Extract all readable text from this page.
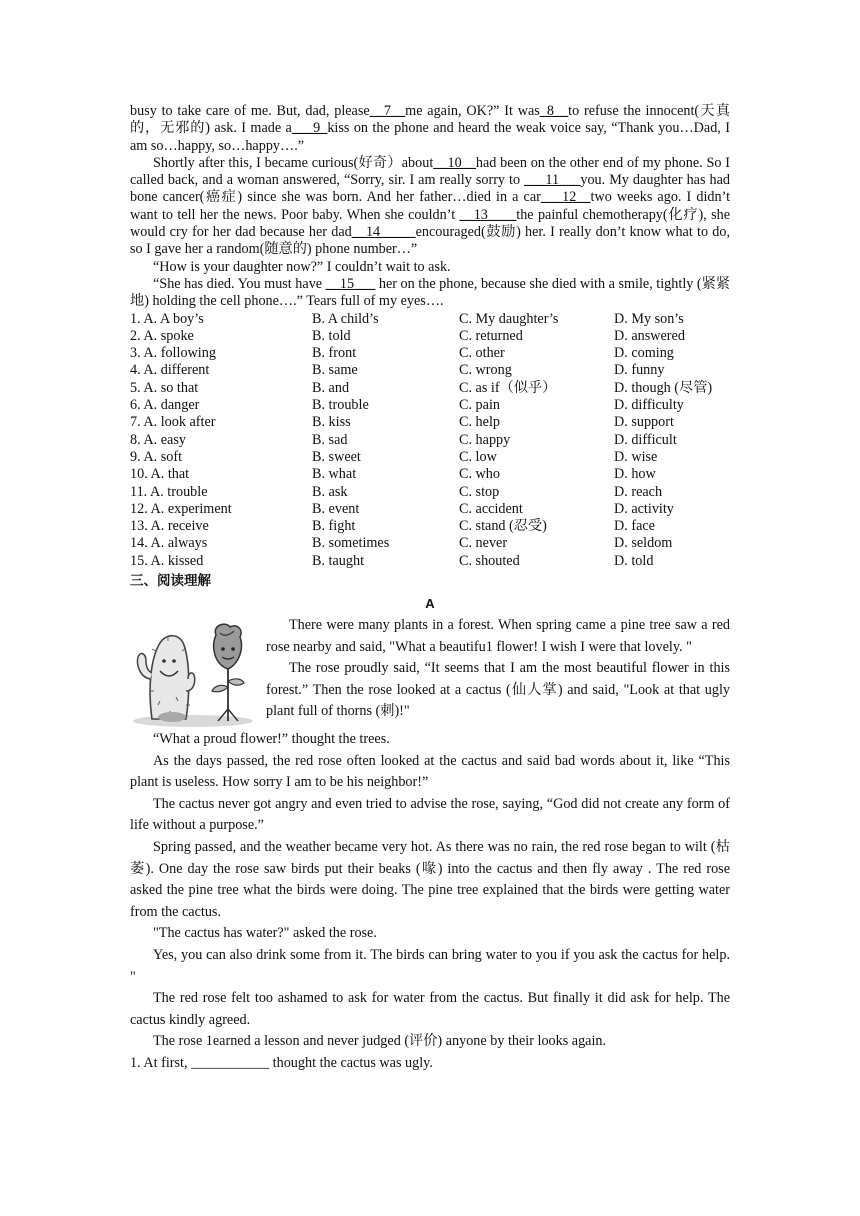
busy to take care of me. But, dad, please__7__me again, OK?” It was_8__to refuse the innocent(天真的，无邪的) ask. I made a___9_kiss on the phone and heard the weak voice say, “Thank you…Dad, I am so…happy, so…happy….”

Shortly after this, I became curious(好奇）about__10__had been on the other end of my phone. So I called back, and a woman answered, “Sorry, sir. I am really sorry to ___11___you. My daughter has had bone cancer(癌症) since she was born. And her father…died in a car___12__two weeks ago. I didn’t want to tell her the news. Poor baby. When she couldn’t __13____the painful chemotherapy(化疗), she would cry for her dad because her dad__14_____encouraged(鼓励) her. I really don’t know what to do, so I gave her a random(随意的) phone number…”

“How is your daughter now?” I couldn’t wait to ask.

“She has died. You must have __15___ her on the phone, because she died with a smile, tightly (紧紧地) holding the cell phone….” Tears full of my eyes….

1. A. A boy’s	B. A child’s	C. My daughter’s	D. My son’s
2. A. spoke	B. told	C. returned	D. answered
3. A. following	B. front	C. other	D. coming
4. A. different	B. same	C. wrong	D. funny
5. A. so that	B. and	C. as if（似乎）	D. though (尽管)
6. A. danger	B. trouble	C. pain	D. difficulty
7. A. look after	B. kiss	C. help	D. support
8. A. easy	B. sad	C. happy	D. difficult
9. A. soft	B. sweet	C. low	D. wise
10. A. that	B. what	C. who	D. how
11. A. trouble	B. ask	C. stop	D. reach
12. A. experiment	B. event	C. accident	D. activity
13. A. receive	B. fight	C. stand (忍受)	D. face
14. A. always	B. sometimes	C. never	D. seldom
15. A. kissed	B. taught	C. shouted	D. told
三、阅读理解
A

There were many plants in a forest. When spring came a pine tree saw a red rose nearby and said, "What a beautifu1 flower! I wish I were that lovely. "

The rose proudly said, “It seems that I am the most beautiful flower in this forest.” Then the rose looked at a cactus (仙人掌) and said, "Look at that ugly plant full of thorns (刺)!"

“What a proud flower!” thought the trees.

As the days passed, the red rose often looked at the cactus and said bad words about it, like “This plant is useless. How sorry I am to be his neighbor!”

The cactus never got angry and even tried to advise the rose, saying, “God did not create any form of life without a purpose.”

Spring passed, and the weather became very hot. As there was no rain, the red rose began to wilt (枯萎). One day the rose saw birds put their beaks (喙) into the cactus and then fly away . The red rose asked the pine tree what the birds were doing. The pine tree explained that the birds were getting water from the cactus.

"The cactus has water?" asked the rose.

Yes, you can also drink some from it. The birds can bring water to you if you ask the cactus for help. "

The red rose felt too ashamed to ask for water from the cactus. But finally it did ask for help. The cactus kindly agreed.

The rose 1earned a lesson and never judged (评价) anyone by their looks again.

1. At first, ___________ thought the cactus was ugly.
